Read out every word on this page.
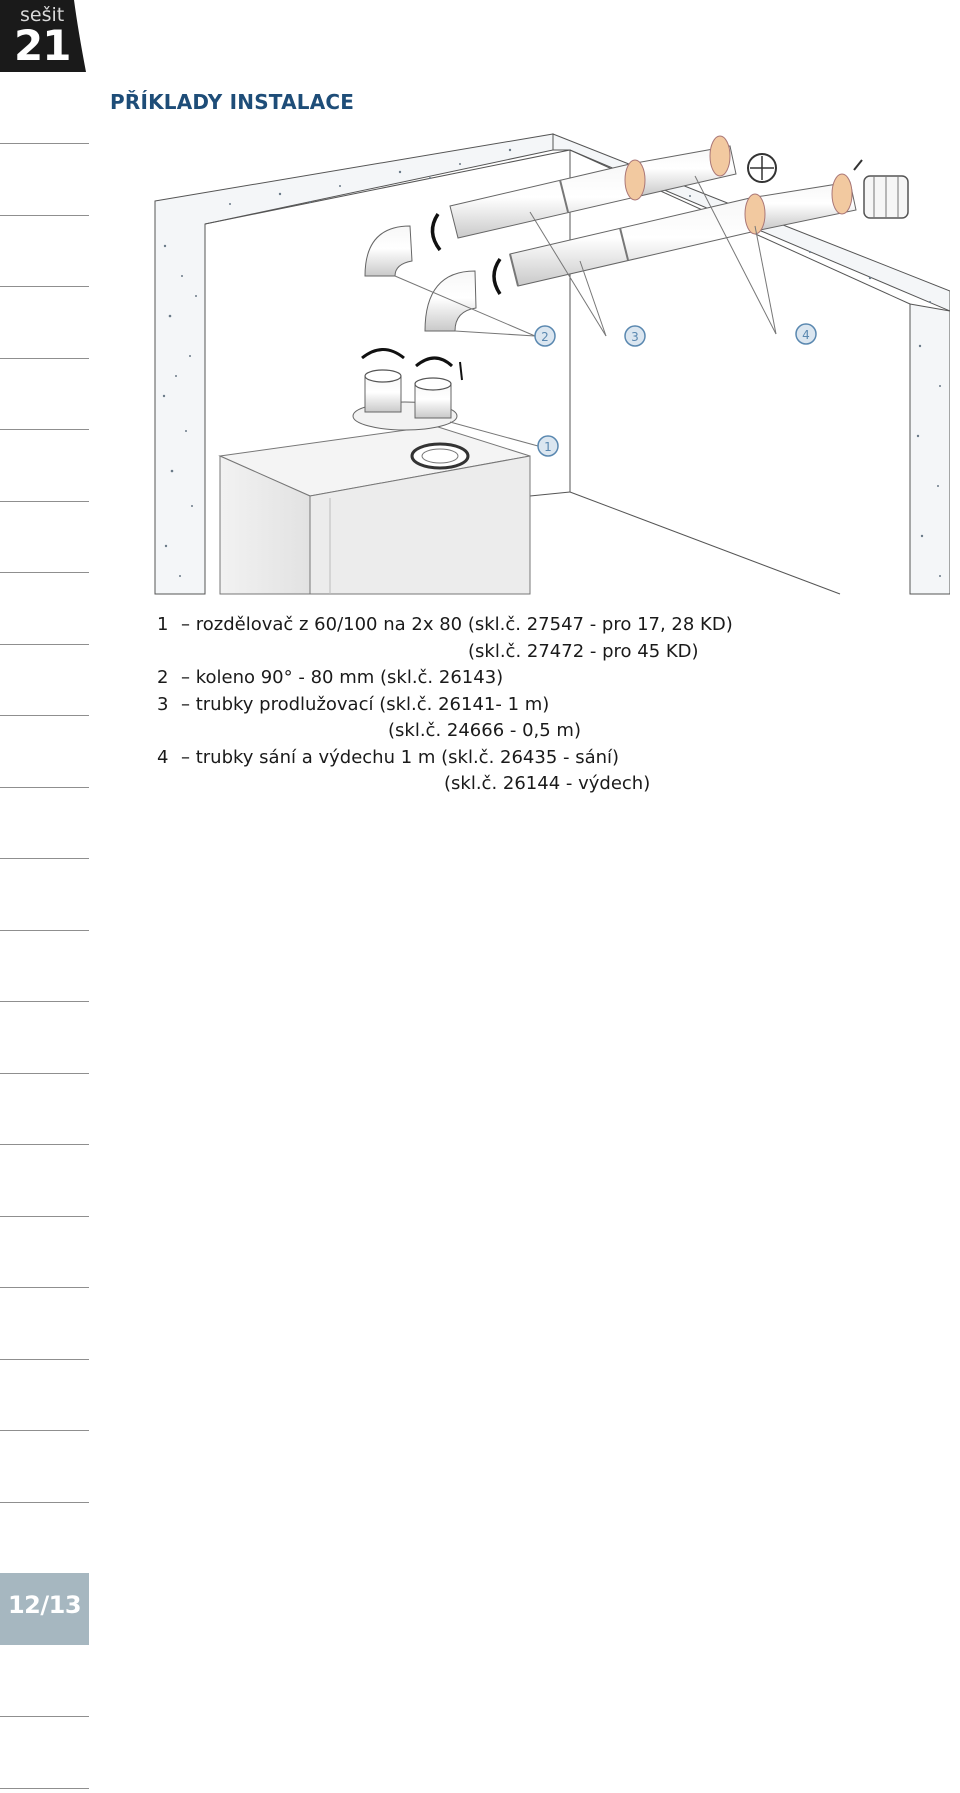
sešit
21
12/13
PŘÍKLADY INSTALACE
1
2	3	4
1 – rozdělovač z 60/100 na 2x 80 (skl.č. 27547 - pro 17, 28 KD)
(skl.č. 27472 - pro 45 KD)
2 – koleno 90° - 80 mm (skl.č. 26143)
3 – trubky prodlužovací (skl.č. 26141- 1 m)
(skl.č. 24666 - 0,5 m)
4 – trubky sání a výdechu 1 m (skl.č. 26435 - sání)
(skl.č. 26144 - výdech)
